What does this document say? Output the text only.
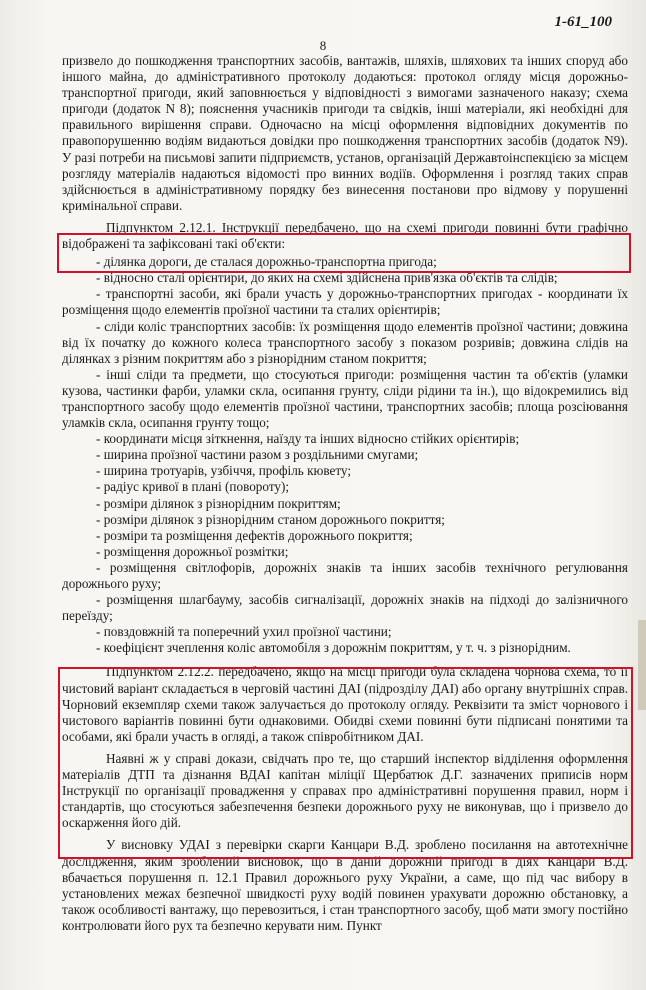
1-61_100
8

призвело до пошкодження транспортних засобів, вантажів, шляхів, шляхових та інших споруд або іншого майна, до адміністративного протоколу додаються: протокол огляду місця дорожньо-транспортної пригоди, який заповнюється у відповідності з вимогами зазначеного наказу; схема пригоди (додаток N 8); пояснення учасників пригоди та свідків, інші матеріали, які необхідні для правильного вирішення справи. Одночасно на місці оформлення відповідних документів по правопорушенню водіям видаються довідки про пошкодження транспортних засобів (додаток N9). У разі потреби на письмові запити підприємств, установ, організацій Державтоінспекцією за місцем розгляду матеріалів надаються відомості про винних водіїв. Оформлення і розгляд таких справ здійснюється в адміністративному порядку без винесення постанови про відмову у порушенні кримінальної справи.

Підпунктом 2.12.1. Інструкції передбачено, що на схемі пригоди повинні бути графічно відображені та зафіксовані такі об'єкти:

- ділянка дороги, де сталася дорожньо-транспортна пригода;

- відносно сталі орієнтири, до яких на схемі здійснена прив'язка об'єктів та слідів;

- транспортні засоби, які брали участь у дорожньо-транспортних пригодах - координати їх розміщення щодо елементів проїзної частини та сталих орієнтирів;

- сліди коліс транспортних засобів: їх розміщення щодо елементів проїзної частини; довжина від їх початку до кожного колеса транспортного засобу з показом розривів; довжина слідів на ділянках з різним покриттям або з різнорідним станом покриття;

- інші сліди та предмети, що стосуються пригоди: розміщення частин та об'єктів (уламки кузова, частинки фарби, уламки скла, осипання грунту, сліди рідини та ін.), що відокремились від транспортного засобу щодо елементів проїзної частини, транспортних засобів; площа розсіювання уламків скла, осипання грунту тощо;

- координати місця зіткнення, наїзду та інших відносно стійких орієнтирів;

- ширина проїзної частини разом з роздільними смугами;

- ширина тротуарів, узбіччя, профіль кювету;

- радіус кривої в плані (повороту);

- розміри ділянок з різнорідним покриттям;

- розміри ділянок з різнорідним станом дорожнього покриття;

- розміри та розміщення дефектів дорожнього покриття;

- розміщення дорожньої розмітки;

- розміщення світлофорів, дорожніх знаків та інших засобів технічного регулювання дорожнього руху;

- розміщення шлагбауму, засобів сигналізації, дорожніх знаків на підході до залізничного переїзду;

- повздовжній та поперечний ухил проїзної частини;

- коефіцієнт зчеплення коліс автомобіля з дорожнім покриттям, у т. ч. з різнорідним.

Підпунктом 2.12.2. передбачено, якщо на місці пригоди була складена чорнова схема, то її чистовий варіант складається в черговій частині ДАІ (підрозділу ДАІ) або органу внутрішніх справ. Чорновий екземпляр схеми також залучається до протоколу огляду. Реквізити та зміст чорнового і чистового варіантів повинні бути однаковими. Обидві схеми повинні бути підписані понятими та особами, які брали участь в огляді, а також співробітником ДАІ.

Наявні ж у справі докази, свідчать про те, що старший інспектор відділення оформлення матеріалів ДТП та дізнання ВДАІ капітан міліції Щербатюк Д.Г. зазначених приписів норм Інструкції по організації провадження у справах про адміністративні порушення правил, норм і стандартів, що стосуються забезпечення безпеки дорожнього руху не виконував, що і призвело до оскарження його дій.

У висновку УДАІ з перевірки скарги Канцари В.Д. зроблено посилання на автотехнічне дослідження, яким зроблений висновок, що в даній дорожній пригоді в діях Канцари В.Д. вбачається порушення п. 12.1 Правил дорожнього руху України, а саме, що під час вибору в установлених межах безпечної швидкості руху водій повинен урахувати дорожню обстановку, а також особливості вантажу, що перевозиться, і стан транспортного засобу, щоб мати змогу постійно контролювати його рух та безпечно керувати ним. Пункт
